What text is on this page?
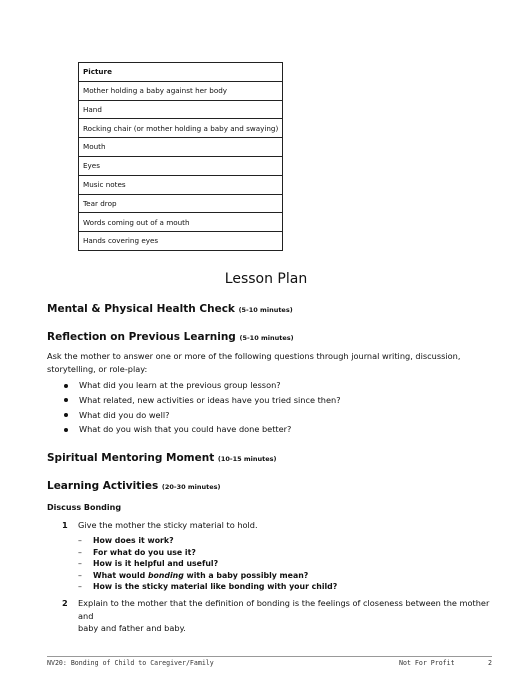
Picture
Mother holding a baby against her body
Hand
Rocking chair (or mother holding a baby and swaying)
Mouth
Eyes
Music notes
Tear drop
Words coming out of a mouth
Hands covering eyes
Lesson Plan
Mental & Physical Health Check (5-10 minutes)
Reflection on Previous Learning (5-10 minutes)

Ask the mother to answer one or more of the following questions through journal writing, discussion,
storytelling, or role-play:

What did you learn at the previous group lesson?
What related, new activities or ideas have you tried since then?
What did you do well?
What do you wish that you could have done better?
Spiritual Mentoring Moment (10-15 minutes)
Learning Activities (20-30 minutes)
Discuss Bonding
1 Give the mother the sticky material to hold.

– How does it work?
– For what do you use it?
– How is it helpful and useful?
– What would bonding with a baby possibly mean?
– How is the sticky material like bonding with your child?
2 Explain to the mother that the definition of bonding is the feelings of closeness between the mother and
baby and father and baby.

NV20: Bonding of Child to Caregiver/Family	Not For Profit	2
